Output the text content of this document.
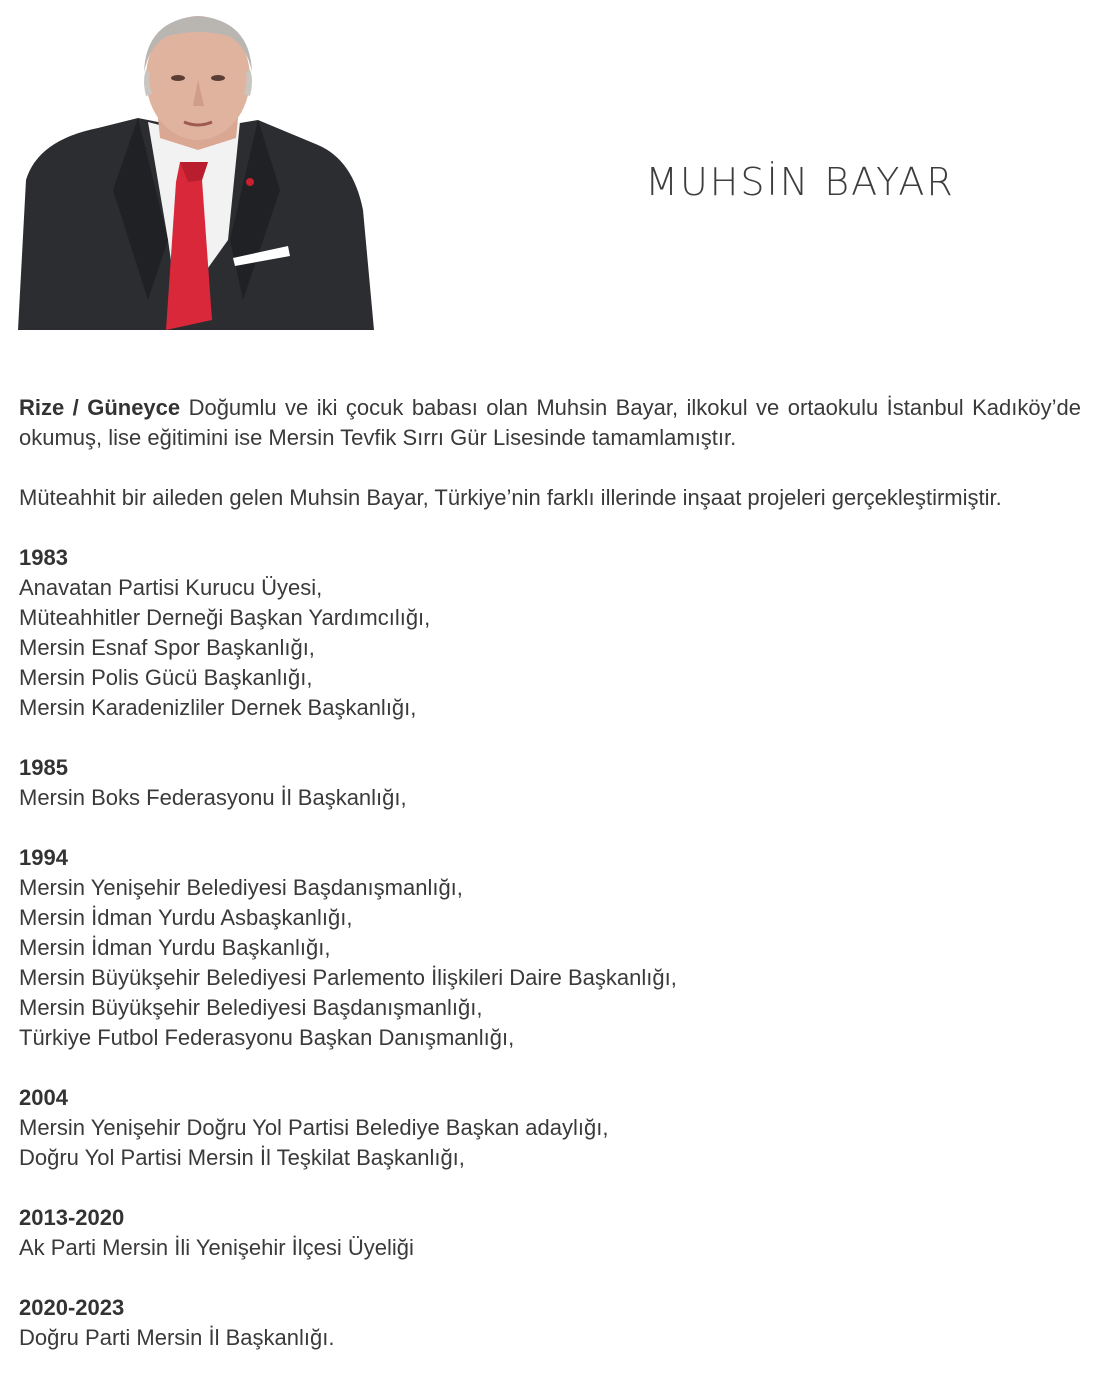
MUHSİN BAYAR

Rize / Güneyce Doğumlu ve iki çocuk babası olan Muhsin Bayar, ilkokul ve ortaokulu İstanbul Kadıköy’de okumuş, lise eğitimini ise Mersin Tevfik Sırrı Gür Lisesinde tamamlamıştır.

Müteahhit bir aileden gelen Muhsin Bayar, Türkiye’nin farklı illerinde inşaat projeleri gerçekleştirmiştir.

1983

Anavatan Partisi Kurucu Üyesi,
Müteahhitler Derneği Başkan Yardımcılığı,
Mersin Esnaf Spor Başkanlığı,
Mersin Polis Gücü Başkanlığı,
Mersin Karadenizliler Dernek Başkanlığı,

1985

Mersin Boks Federasyonu İl Başkanlığı,

1994

Mersin Yenişehir Belediyesi Başdanışmanlığı,
Mersin İdman Yurdu Asbaşkanlığı,
Mersin İdman Yurdu Başkanlığı,
Mersin Büyükşehir Belediyesi Parlemento İlişkileri Daire Başkanlığı,
Mersin Büyükşehir Belediyesi Başdanışmanlığı,
Türkiye Futbol Federasyonu Başkan Danışmanlığı,

2004

Mersin Yenişehir Doğru Yol Partisi Belediye Başkan adaylığı,
Doğru Yol Partisi Mersin İl Teşkilat Başkanlığı,

2013-2020

Ak Parti Mersin İli Yenişehir İlçesi Üyeliği

2020-2023

Doğru Parti Mersin İl Başkanlığı.
